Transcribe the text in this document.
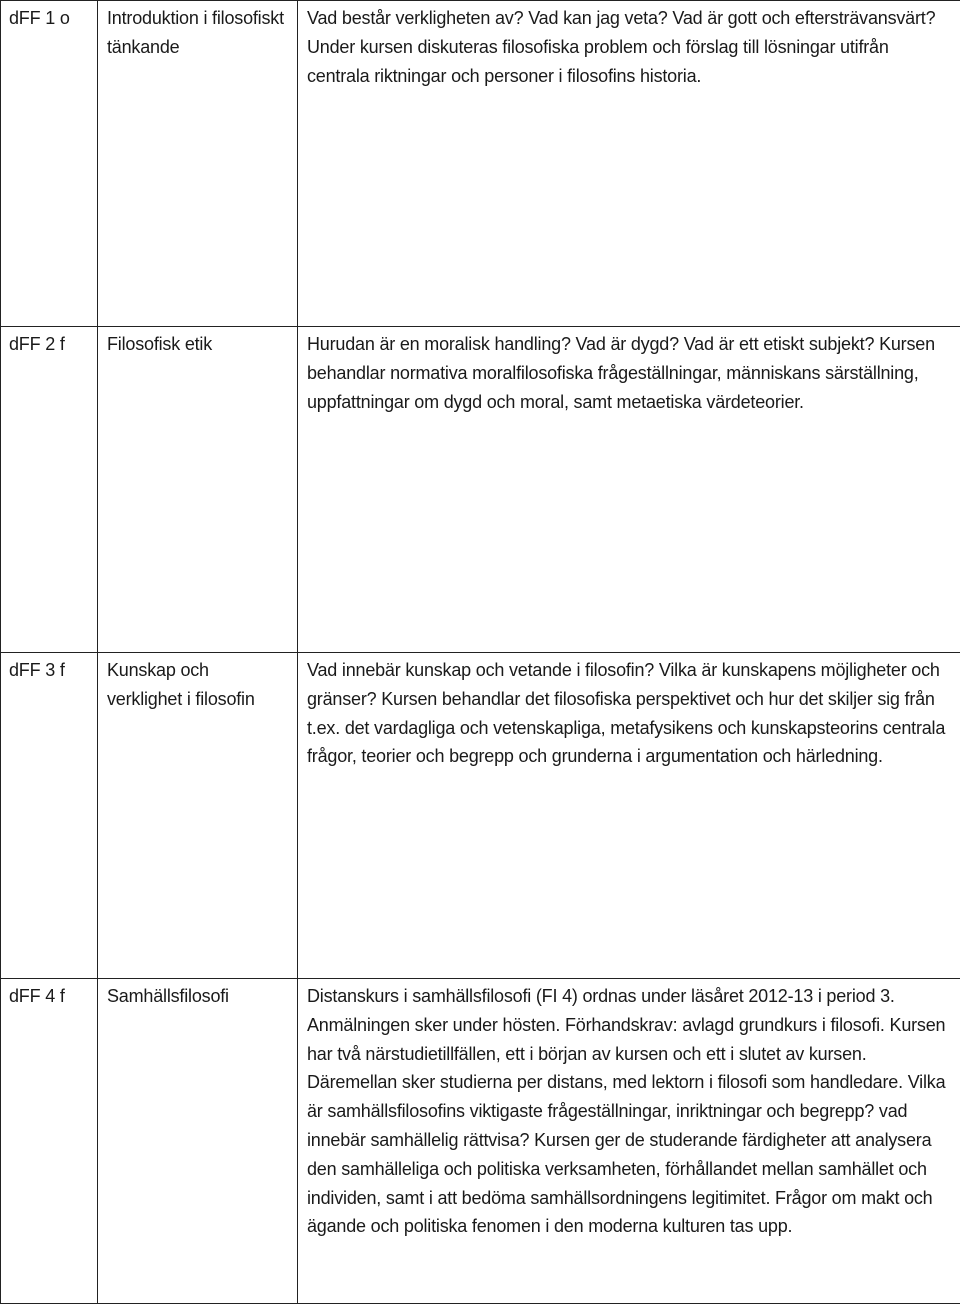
dFF 1 o	Introduktion i filosofiskt tänkande	Vad består verkligheten av? Vad kan jag veta? Vad är gott och eftersträvansvärt? Under kursen diskuteras filosofiska problem och förslag till lösningar utifrån centrala riktningar och personer i filosofins historia.
dFF 2 f	Filosofisk etik	Hurudan är en moralisk handling? Vad är dygd? Vad är ett etiskt subjekt? Kursen behandlar normativa moralfilosofiska frågeställningar, människans särställning, uppfattningar om dygd och moral, samt metaetiska värdeteorier.
dFF 3 f	Kunskap och verklighet i filosofin	Vad innebär kunskap och vetande i filosofin? Vilka är kunskapens möjligheter och gränser? Kursen behandlar det filosofiska perspektivet och hur det skiljer sig från t.ex. det vardagliga och vetenskapliga, metafysikens och kunskapsteorins centrala frågor, teorier och begrepp och grunderna i argumentation och härledning.
dFF 4 f	Samhällsfilosofi	Distanskurs i samhällsfilosofi (FI 4) ordnas under läsåret 2012-13 i period 3. Anmälningen sker under hösten. Förhandskrav: avlagd grundkurs i filosofi. Kursen har två närstudietillfällen, ett i början av kursen och ett i slutet av kursen. Däremellan sker studierna per distans, med lektorn i filosofi som handledare. Vilka är samhällsfilosofins viktigaste frågeställningar, inriktningar och begrepp? vad innebär samhällelig rättvisa? Kursen ger de studerande färdigheter att analysera den samhälleliga och politiska verksamheten, förhållandet mellan samhället och individen, samt i att bedöma samhällsordningens legitimitet. Frågor om makt och ägande och politiska fenomen i den moderna kulturen tas upp.
